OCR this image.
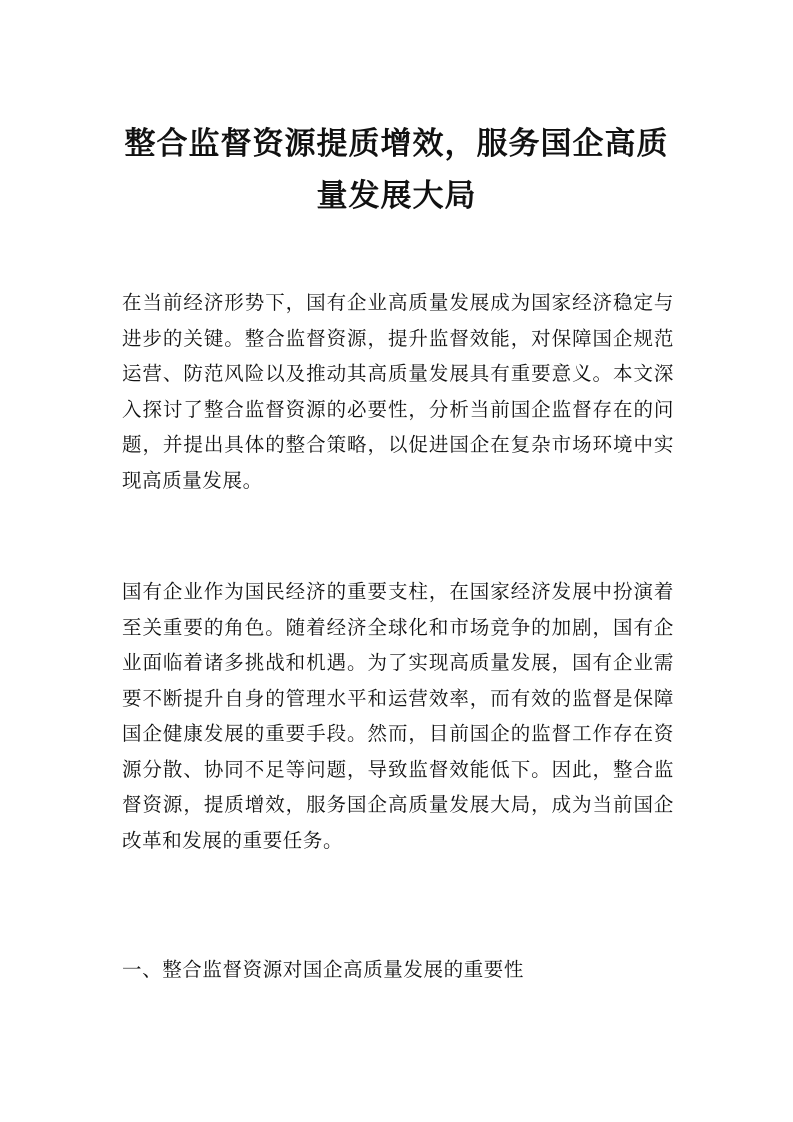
整合监督资源提质增效，服务国企高质量发展大局

在当前经济形势下，国有企业高质量发展成为国家经济稳定与进步的关键。整合监督资源，提升监督效能，对保障国企规范运营、防范风险以及推动其高质量发展具有重要意义。本文深入探讨了整合监督资源的必要性，分析当前国企监督存在的问题，并提出具体的整合策略，以促进国企在复杂市场环境中实现高质量发展。

国有企业作为国民经济的重要支柱，在国家经济发展中扮演着至关重要的角色。随着经济全球化和市场竞争的加剧，国有企业面临着诸多挑战和机遇。为了实现高质量发展，国有企业需要不断提升自身的管理水平和运营效率，而有效的监督是保障国企健康发展的重要手段。然而，目前国企的监督工作存在资源分散、协同不足等问题，导致监督效能低下。因此，整合监督资源，提质增效，服务国企高质量发展大局，成为当前国企改革和发展的重要任务。

一、整合监督资源对国企高质量发展的重要性
